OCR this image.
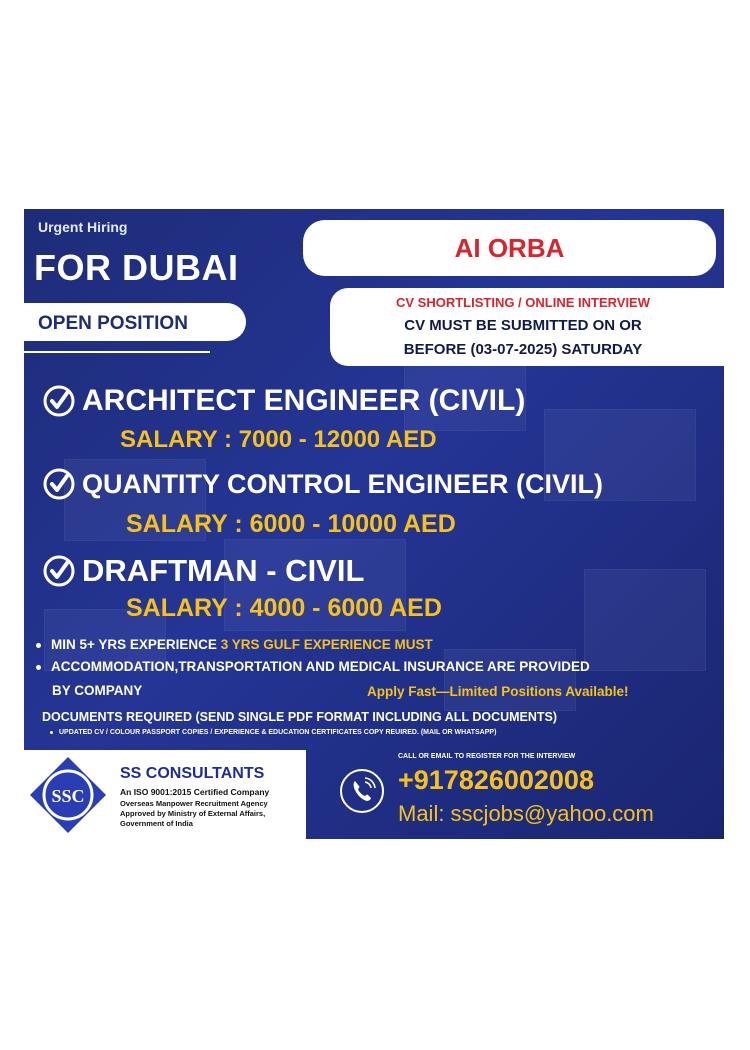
Urgent Hiring
FOR DUBAI
OPEN POSITION
AI ORBA
CV SHORTLISTING / ONLINE INTERVIEW
CV MUST BE SUBMITTED ON OR
BEFORE (03-07-2025) SATURDAY
ARCHITECT ENGINEER (CIVIL)
SALARY : 7000 - 12000 AED
QUANTITY CONTROL ENGINEER (CIVIL)
SALARY : 6000 - 10000 AED
DRAFTMAN - CIVIL
SALARY : 4000 - 6000 AED
MIN 5+ YRS EXPERIENCE 3 YRS GULF EXPERIENCE MUST
ACCOMMODATION,TRANSPORTATION AND MEDICAL INSURANCE ARE PROVIDED
BY COMPANY	Apply Fast—Limited Positions Available!
DOCUMENTS REQUIRED (SEND SINGLE PDF FORMAT INCLUDING ALL DOCUMENTS)
UPDATED CV / COLOUR PASSPORT COPIES / EXPERIENCE & EDUCATION CERTIFICATES COPY REUIRED. (MAIL OR WHATSAPP)
SSC
SS CONSULTANTS
An ISO 9001:2015 Certified Company
Overseas Manpower Recruitment Agency
Approved by Ministry of External Affairs,
Government of India
CALL OR EMAIL TO REGISTER FOR THE INTERVIEW
+917826002008
Mail: sscjobs@yahoo.com
